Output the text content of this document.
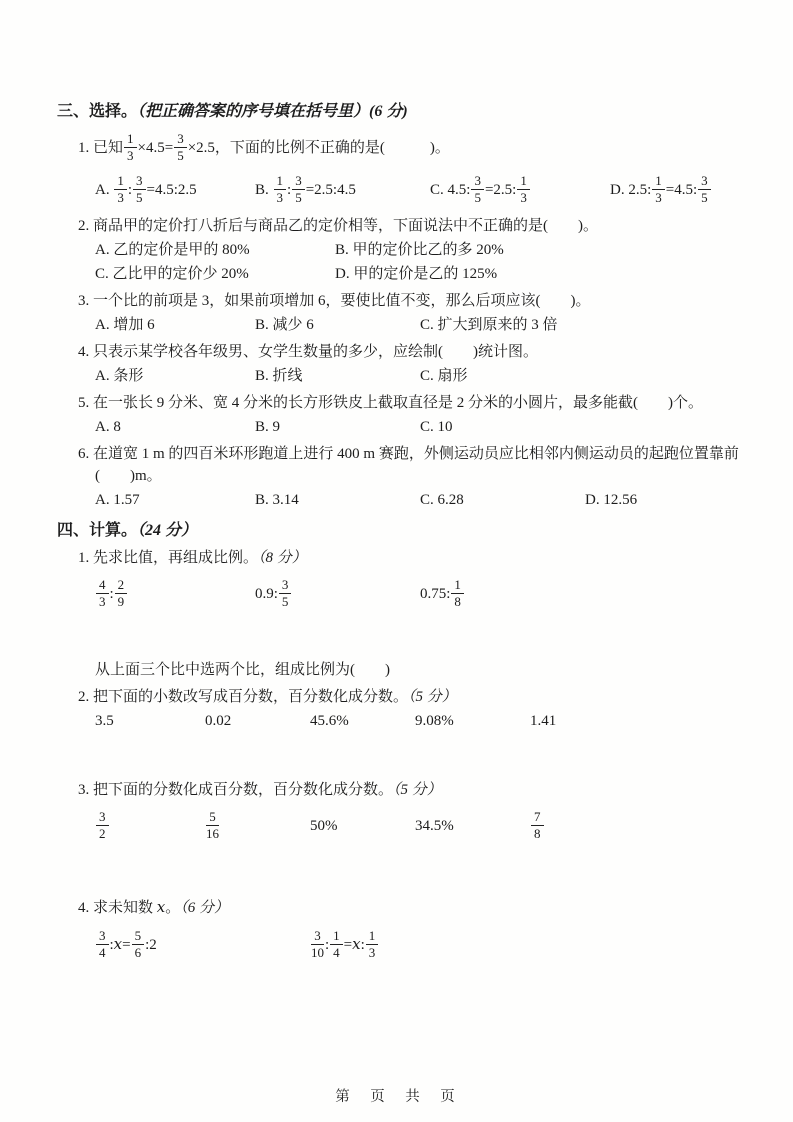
三、选择。（把正确答案的序号填在括号里）(6 分)
1. 已知 $\frac{1}{3} \times 4.5= \frac{3}{5} \times 2.5$，下面的比例不正确的是(　　　)。
A. $\frac{1}{3}$ : $\frac{3}{5}$ =4.5:2.5	B. $\frac{1}{3}$ : $\frac{3}{5}$ =2.5:4.5	C. 4.5: $\frac{3}{5} =2.5$: $\frac{1}{3}$	D. 2.5: $\frac{1}{3} =4.5$: $\frac{3}{5}$
2. 商品甲的定价打八折后与商品乙的定价相等，下面说法中不正确的是(　　)。
A. 乙的定价是甲的 80%	B. 甲的定价比乙的多 20%
C. 乙比甲的定价少 20%	D. 甲的定价是乙的 125%
3. 一个比的前项是 3，如果前项增加 6，要使比值不变，那么后项应该(　　)。
A. 增加 6	B. 减少 6	C. 扩大到原来的 3 倍
4. 只表示某学校各年级男、女学生数量的多少，应绘制(　　)统计图。
A. 条形	B. 折线	C. 扇形
5. 在一张长 9 分米、宽 4 分米的长方形铁皮上截取直径是 2 分米的小圆片，最多能截(　　)个。
A. 8	B. 9	C. 10
6. 在道宽 1 m 的四百米环形跑道上进行 400 m 赛跑，外侧运动员应比相邻内侧运动员的起跑位置靠前
(　　)m。
A. 1.57	B. 3.14	C. 6.28	D. 12.56
四、计算。（24 分）
1. 先求比值，再组成比例。（8 分）
$\frac{4}{3}$ : $\frac{2}{9}$	0.9: $\frac{3}{5}$	0.75: $\frac{1}{8}$
从上面三个比中选两个比，组成比例为(　　)
2. 把下面的小数改写成百分数，百分数化成分数。（5 分）
3.5	0.02	45.6%	9.08%	1.41
3. 把下面的分数化成百分数，百分数化成分数。（5 分）
$\frac{3}{2}$	$\frac{5}{16}$	50%	34.5%	$\frac{7}{8}$
4. 求未知数 x。（6 分）
$\frac{3}{4}$ :x= $\frac{5}{6}$ :2	$\frac{3}{10}$ : $\frac{1}{4} =x$: $\frac{1}{3}$
第　页　共　页
